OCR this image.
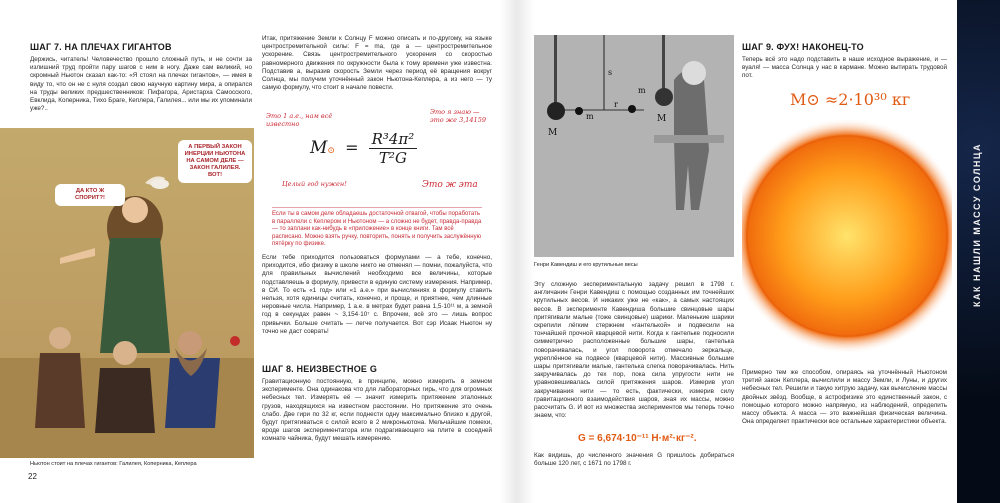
ШАГ 7. НА ПЛЕЧАХ ГИГАНТОВ
Держись, читатель! Человечество прошло сложный путь, и не сочти за излишний труд пройти пару шагов с ним в ногу. Даже сам великий, но скромный Ньютон сказал как-то: «Я стоял на плечах гигантов», — имея в виду то, что он не с нуля создал свою научную картину мира, а опирался на труды великих предшественников: Пифагора, Аристарха Самосского, Евклида, Коперника, Тихо Браге, Кеплера, Галилея... или мы их упоминали уже?..
А ПЕРВЫЙ ЗАКОН ИНЕРЦИИ НЬЮТОНА НА САМОМ ДЕЛЕ — ЗАКОН ГАЛИЛЕЯ. ВОТ!
ДА КТО Ж СПОРИТ?!
Ньютон стоит на плечах гигантов: Галилея, Коперника, Кеплера
22
Итак, притяжение Земли к Солнцу F можно описать и по-другому, на языке центростремительной силы: F = ma, где a — центростремительное ускорение. Связь центростремительного ускорения со скоростью равномерного движения по окружности была к тому времени уже известна. Подставив a, выразив скорость Земли через период её вращения вокруг Солнца, мы получим уточнённый закон Ньютона-Кеплера, а из него — ту самую формулу, что стоит в начале повести.
Это 1 а.е., нам всё известно
Это я знаю — это же 3,14159
M⊙ = $\frac{\text{R³4π²}}{\text{T²G}}$
Целый год нужен!	Это ж эта
Если ты в самом деле обладаешь достаточной отвагой, чтобы поработать в параллели с Кеплером и Ньютоном — а сложно не будет, правда-правда — то заплани как-нибудь в «приложение» в конце книги. Там всё расписано. Можно взять ручку, повторить, понять и получить заслужённую пятёрку по физике.
Если тебе приходится пользоваться формулами — а тебе, конечно, приходится, ибо физику в школе никто не отменял — помни, пожалуйста, что для правильных вычислений необходимо все величины, которые подставляешь в формулу, привести в единую систему измерения. Например, в СИ. То есть «1 год» или «1 а.е.» при вычислениях в формулу ставить нельзя, хотя единицы считать, конечно, и проще, и приятнее, чем длинные неровные числа. Например, 1 а.е. в метрах будет равна 1,5·10¹¹ м, а земной год в секундах равен ~ 3,154·10⁷ с. Впрочем, всё это — лишь вопрос привычки. Больше считать — легче получается. Вот сэр Исаак Ньютон ну точно не даст соврать!
ШАГ 8. НЕИЗВЕСТНОЕ G
Гравитационную постоянную, в принципе, можно измерить в земном эксперименте. Она одинакова что для лабораторных гирь, что для огромных небесных тел. Измерять её — значит измерить притяжение эталонных грузов, находящихся на известном расстоянии. Но притяжение это очень слабо. Две гири по 32 кг, если поднести одну максимально близко к другой, будут притягиваться с силой всего в 2 микроньютона. Мельчайшие помехи, вроде шагов экспериментатора или подрагивающего на плите в соседней комнате чайника, будут мешать измерению.
M
m
s
r
m
M
Генри Кавендиш и его крутильные весы
Эту сложную экспериментальную задачу решил в 1798 г. англичанин Генри Кавендиш с помощью созданных им точнейших крутильных весов. И никаких уже не «как», а самых настоящих весов. В эксперименте Кавендиша большие свинцовые шары притягивали малые (тоже свинцовые) шарики. Маленькие шарики скрепили лёгким стержнем «гантелькой» и подвесили на тончайшей прочной кварцевой нити. Когда к гантельке подносили симметрично расположенные большие шары, гантелька поворачивалась, и угол поворота отмечало зеркальце, укреплённое на подвесе (кварцевой нити). Массивные большие шары притягивали малые, гантелька слегка поворачивалась. Нить закручивалась до тех пор, пока сила упругости нити не уравновешивалась силой притяжения шаров. Измерив угол закручивания нити — то есть, фактически, измерив силу гравитационного взаимодействия шаров, зная их массы, можно рассчитать G. И вот из множества экспериментов мы теперь точно знаем, что:
G = 6,674·10⁻¹¹ Н·м²·кг⁻².
Как видишь, до численного значения G пришлось добираться больше 120 лет, с 1671 по 1798 г.
ШАГ 9. ФУХ! НАКОНЕЦ-ТО
Теперь всё это надо подставить в наше исходное выражение, и — вуаля! — масса Солнца у нас в кармане. Можно вытирать трудовой пот.
M⊙ ≈2·10³⁰ кг
Примерно тем же способом, опираясь на уточнённый Ньютоном третий закон Кеплера, вычислили и массу Земли, и Луны, и других небесных тел. Решили и такую хитрую задачу, как вычисление массы двойных звёзд. Вообще, в астрофизике это единственный закон, с помощью которого можно напрямую, из наблюдений, определить массу объекта. А масса — это важнейшая физическая величина. Она определяет практически все остальные характеристики объекта.
КАК НАШЛИ МАССУ СОЛНЦА
